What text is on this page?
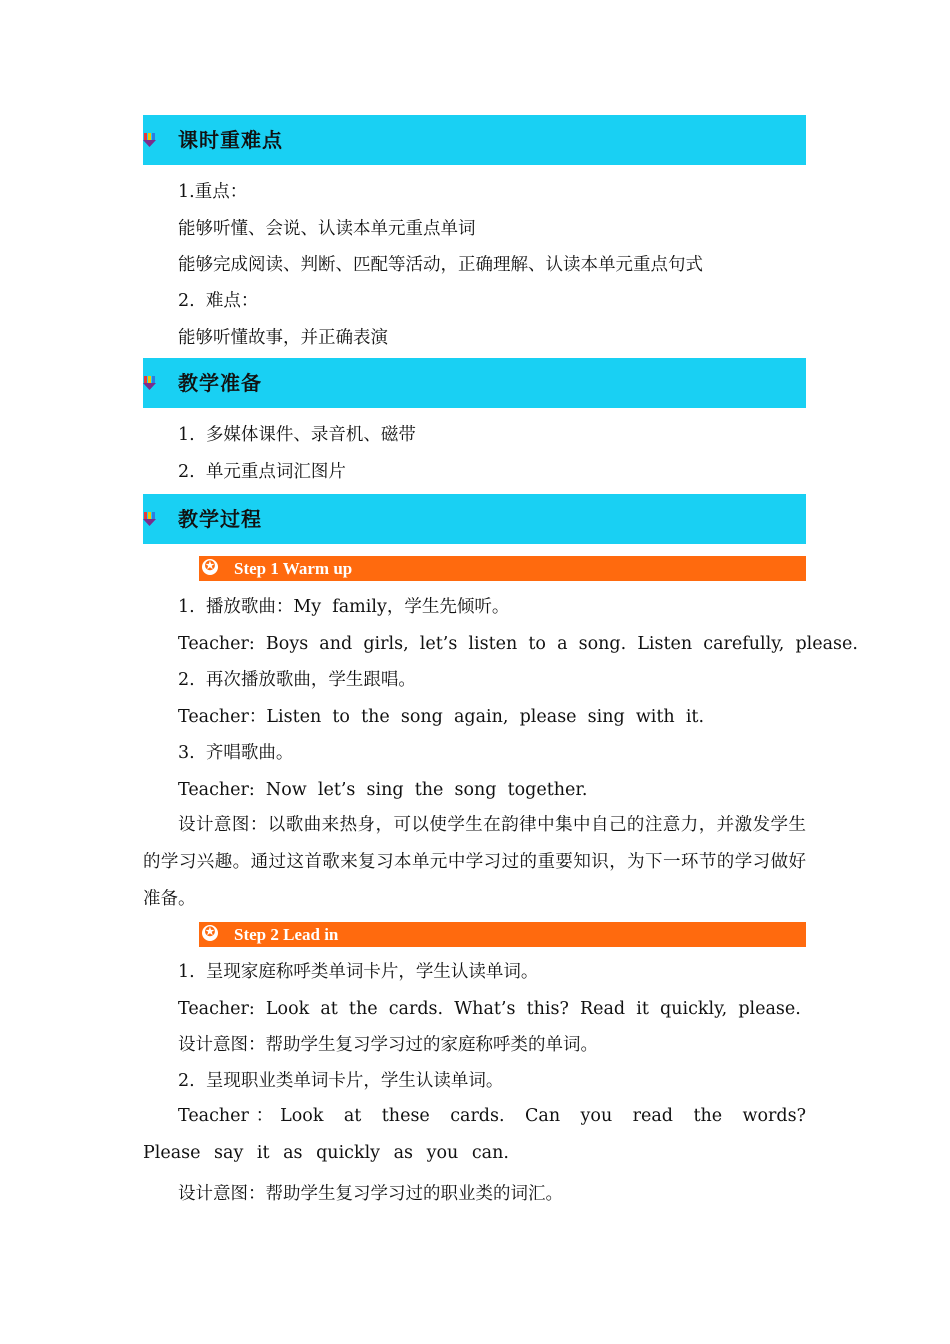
课时重难点
1.重点：
能够听懂、会说、认读本单元重点单词
能够完成阅读、判断、匹配等活动，正确理解、认读本单元重点句式
2.  难点：
能够听懂故事，并正确表演
教学准备
1.  多媒体课件、录音机、磁带
2.  单元重点词汇图片
教学过程
✪ Step 1 Warm up
1.  播放歌曲：My  family，学生先倾听。
Teacher:  Boys  and  girls,  let’s  listen  to  a  song.  Listen  carefully,  please.
2.  再次播放歌曲，学生跟唱。
Teacher：Listen  to  the  song  again,  please  sing  with  it.
3.  齐唱歌曲。
Teacher:  Now  let’s  sing  the  song  together.
设计意图：以歌曲来热身，可以使学生在韵律中集中自己的注意力，并激发学生的学习兴趣。通过这首歌来复习本单元中学习过的重要知识，为下一环节的学习做好准备。
✪ Step 2 Lead in
1.  呈现家庭称呼类单词卡片，学生认读单词。
Teacher:  Look  at  the  cards.  What’s  this?  Read  it  quickly,  please.
设计意图：帮助学生复习学习过的家庭称呼类的单词。
2.  呈现职业类单词卡片，学生认读单词。
Teacher：Look at these cards. Can you read the words? Please say it as quickly as you can.
设计意图：帮助学生复习学习过的职业类的词汇。
